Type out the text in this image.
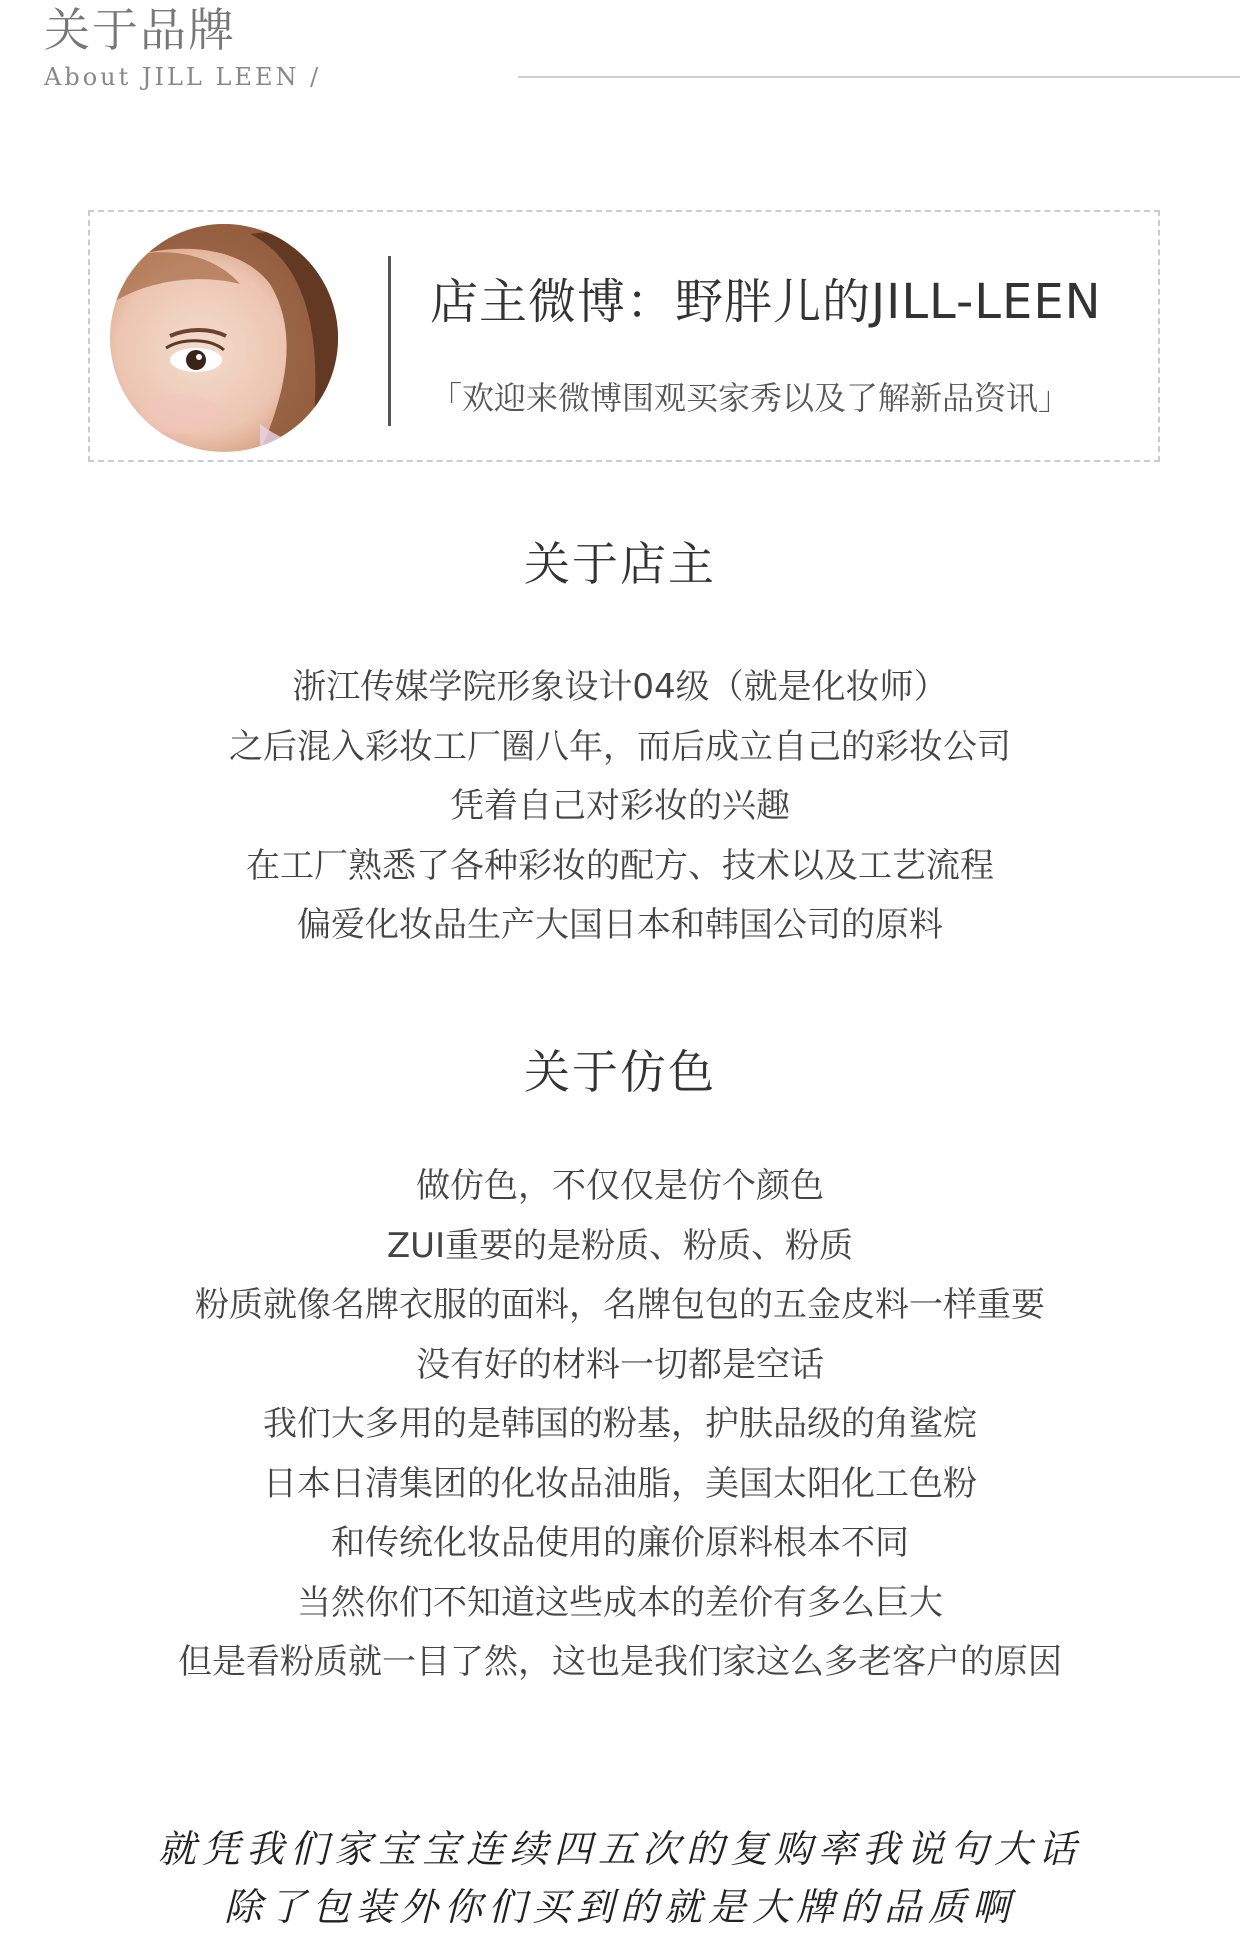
关于品牌
About JILL LEEN /
店主微博：野胖儿的JILL-LEEN
「欢迎来微博围观买家秀以及了解新品资讯」
关于店主
浙江传媒学院形象设计04级（就是化妆师）
之后混入彩妆工厂圈八年，而后成立自己的彩妆公司
凭着自己对彩妆的兴趣
在工厂熟悉了各种彩妆的配方、技术以及工艺流程
偏爱化妆品生产大国日本和韩国公司的原料
关于仿色
做仿色，不仅仅是仿个颜色
ZUI重要的是粉质、粉质、粉质
粉质就像名牌衣服的面料，名牌包包的五金皮料一样重要
没有好的材料一切都是空话
我们大多用的是韩国的粉基，护肤品级的角鲨烷
日本日清集团的化妆品油脂，美国太阳化工色粉
和传统化妆品使用的廉价原料根本不同
当然你们不知道这些成本的差价有多么巨大
但是看粉质就一目了然，这也是我们家这么多老客户的原因
就凭我们家宝宝连续四五次的复购率我说句大话
除了包装外你们买到的就是大牌的品质啊
